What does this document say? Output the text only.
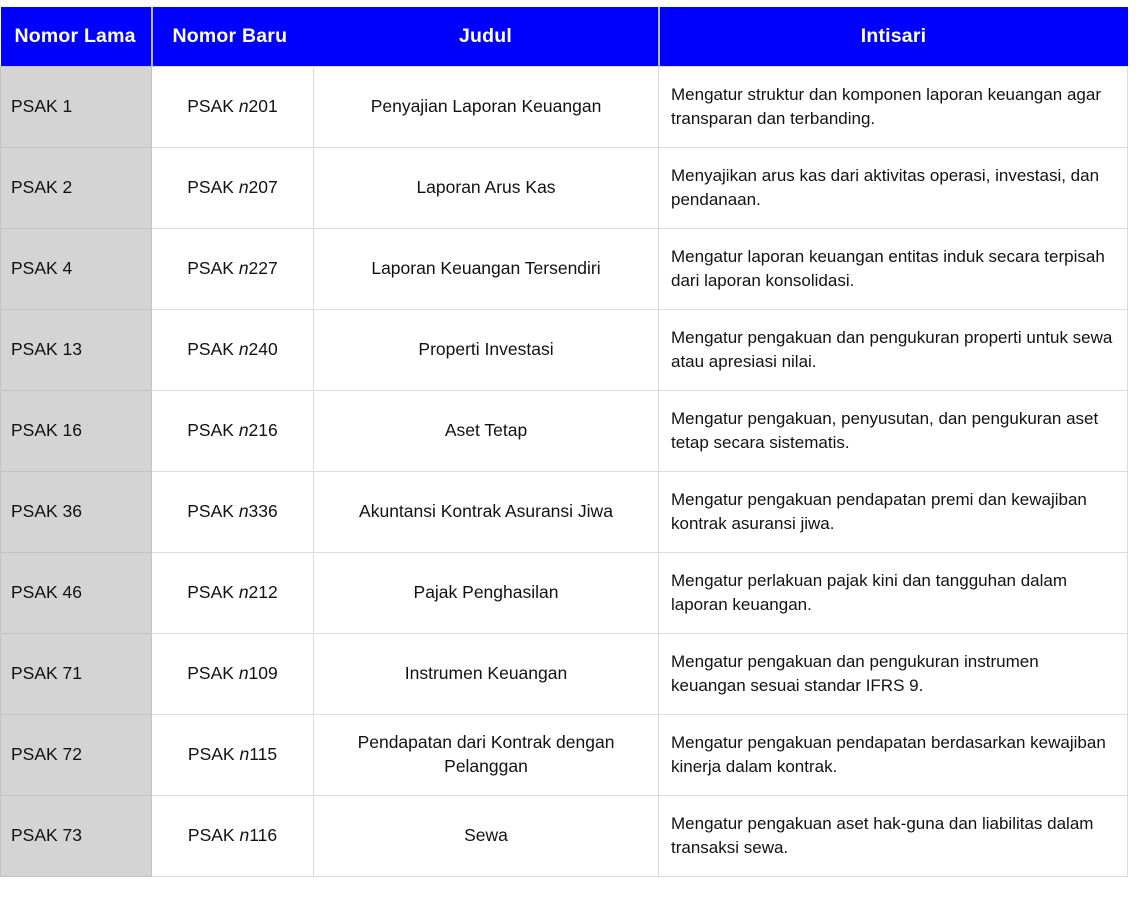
Nomor Lama	Nomor Baru	Judul	Intisari
PSAK 1	PSAK n201	Penyajian Laporan Keuangan	Mengatur struktur dan komponen laporan keuangan agar transparan dan terbanding.
PSAK 2	PSAK n207	Laporan Arus Kas	Menyajikan arus kas dari aktivitas operasi, investasi, dan pendanaan.
PSAK 4	PSAK n227	Laporan Keuangan Tersendiri	Mengatur laporan keuangan entitas induk secara terpisah dari laporan konsolidasi.
PSAK 13	PSAK n240	Properti Investasi	Mengatur pengakuan dan pengukuran properti untuk sewa atau apresiasi nilai.
PSAK 16	PSAK n216	Aset Tetap	Mengatur pengakuan, penyusutan, dan pengukuran aset tetap secara sistematis.
PSAK 36	PSAK n336	Akuntansi Kontrak Asuransi Jiwa	Mengatur pengakuan pendapatan premi dan kewajiban kontrak asuransi jiwa.
PSAK 46	PSAK n212	Pajak Penghasilan	Mengatur perlakuan pajak kini dan tangguhan dalam laporan keuangan.
PSAK 71	PSAK n109	Instrumen Keuangan	Mengatur pengakuan dan pengukuran instrumen keuangan sesuai standar IFRS 9.
PSAK 72	PSAK n115	Pendapatan dari Kontrak dengan Pelanggan	Mengatur pengakuan pendapatan berdasarkan kewajiban kinerja dalam kontrak.
PSAK 73	PSAK n116	Sewa	Mengatur pengakuan aset hak-guna dan liabilitas dalam transaksi sewa.
